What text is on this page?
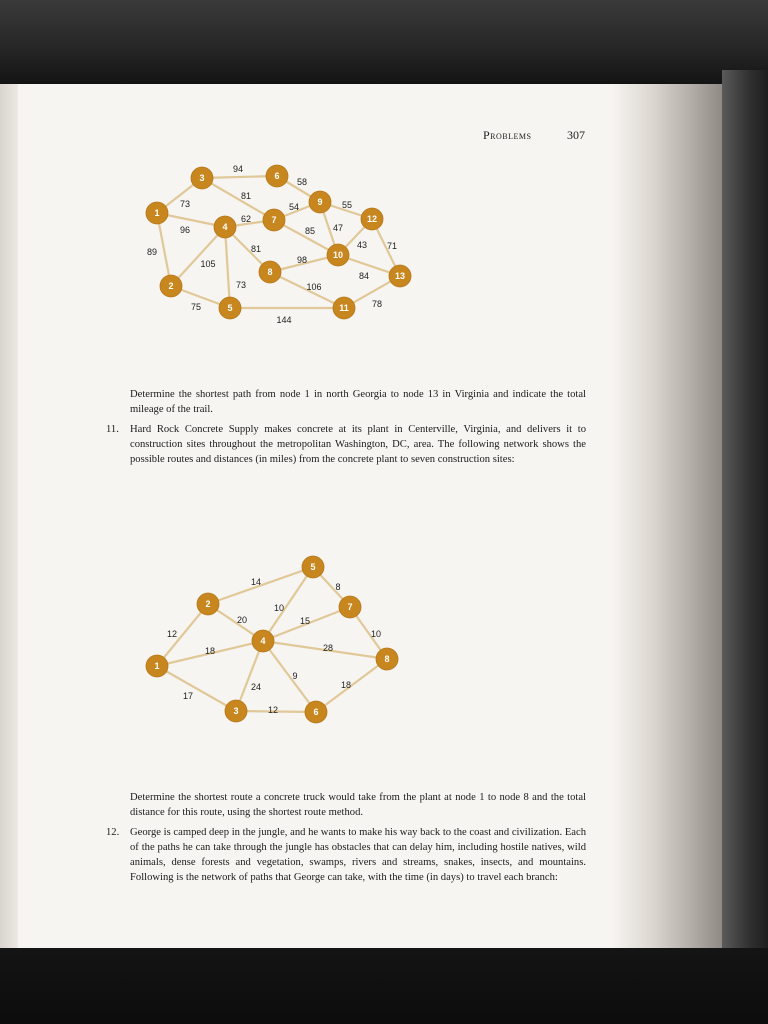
Problems	307
73
96
89
94
81
105
75
62
81
73
58
54
85
55
47
98
106
43 71
84
144
78
1
2
3
4
5
6
7
8
9
10
11
12
13
Determine the shortest path from node 1 in north Georgia to node 13 in Virginia and indicate the total mileage of the trail.
11. Hard Rock Concrete Supply makes concrete at its plant in Centerville, Virginia, and delivers it to construction sites throughout the metropolitan Washington, DC, area. The following network shows the possible routes and distances (in miles) from the concrete plant to seven construction sites:
12
17
18
14
20
10
15
28
24
9
8
10
12
18
1
2
3
4
5
6
7
8
Determine the shortest route a concrete truck would take from the plant at node 1 to node 8 and the total distance for this route, using the shortest route method.
12. George is camped deep in the jungle, and he wants to make his way back to the coast and civilization. Each of the paths he can take through the jungle has obstacles that can delay him, including hostile natives, wild animals, dense forests and vegetation, swamps, rivers and streams, snakes, insects, and mountains. Following is the network of paths that George can take, with the time (in days) to travel each branch:
